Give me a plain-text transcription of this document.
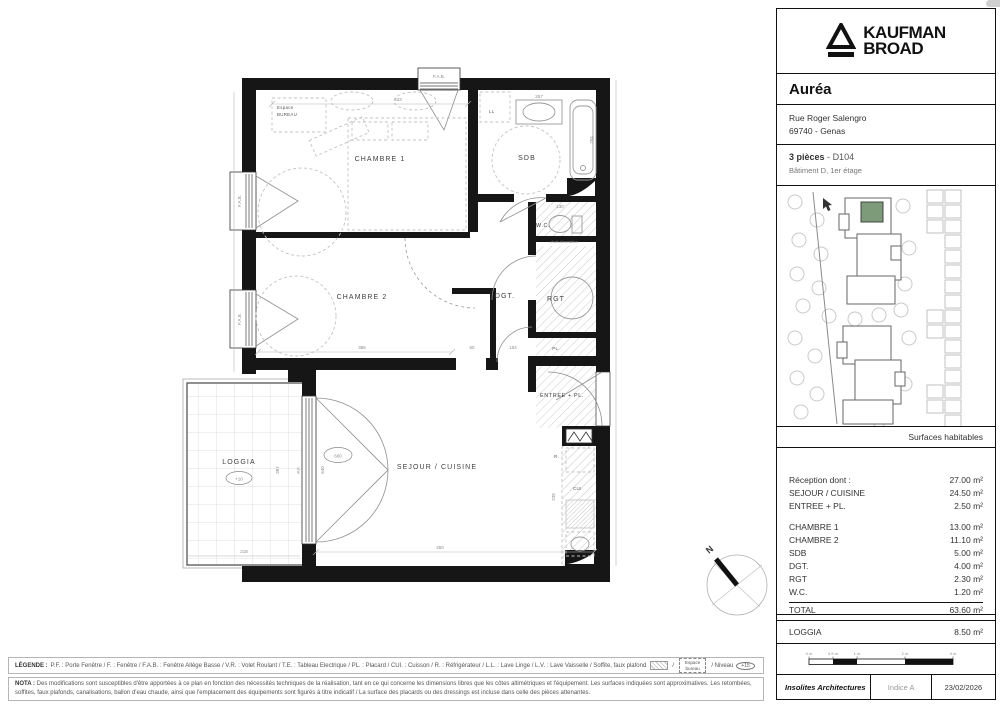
LOGGIA
+10
F.A.B.
F.A.B.
F.A.B.
P.F.
Espace
BUREAU
LL
257
204
130
chute alimentation
R.
CUI
433
386	60	104
460
218
387	640
600
238
CHAMBRE 1
CHAMBRE 2
SDB
W.C.
DGT.	RGT
PL.
ENTREE + PL.
SEJOUR / CUISINE
N
LÉGENDE : P.F. : Porte Fenêtre / F. : Fenêtre / F.A.B. : Fenêtre Allège Basse / V.R. : Volet Roulant / T.E. : Tableau Electrique / PL. : Placard / CUI. : Cuisson / R. : Réfrigérateur / L.L. : Lave Linge / L.V. : Lave Vaisselle / Soffite, faux plafond	/	Espace
bureau	/ Niveau	+15
NOTA : Des modifications sont susceptibles d'être apportées à ce plan en fonction des nécessités techniques de la réalisation, tant en ce qui concerne les dimensions libres que les côtes altimétriques et l'équipement. Les surfaces indiquées sont approximatives. Les retombées, soffites, faux plafonds, canalisations, ballon d'eau chaude, ainsi que l'emplacement des équipements sont figurés à titre indicatif / La surface des placards ou des dressings est incluse dans celle des pièces attenantes.
KAUFMAN
BROAD
Auréa
Rue Roger Salengro
69740 - Genas
3 pièces - D104
Bâtiment D, 1er étage
Surfaces habitables
Réception dont :	27.00 m²
SEJOUR / CUISINE	24.50 m²
ENTREE + PL.	2.50 m²
CHAMBRE 1	13.00 m²
CHAMBRE 2	11.10 m²
SDB	5.00 m²
DGT.	4.00 m²
RGT	2.30 m²
W.C.	1.20 m²
TOTAL	63.60 m²
LOGGIA	8.50 m²
0 m	0.5 m	1 m	2 m	3 m
Insolites Architectures	Indice A	23/02/2026
